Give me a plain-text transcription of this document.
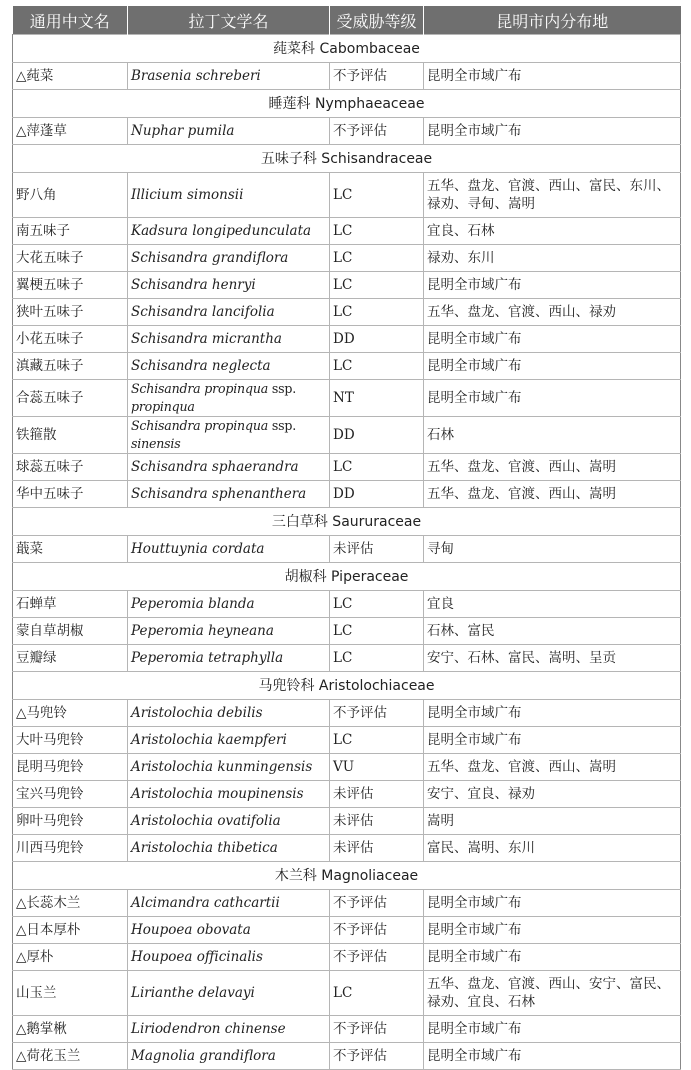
通用中文名	拉丁文学名	受威胁等级	昆明市内分布地
莼菜科 Cabombaceae			
△莼菜	Brasenia schreberi	不予评估	昆明全市域广布
睡莲科 Nymphaeaceae			
△萍蓬草	Nuphar pumila	不予评估	昆明全市域广布
五味子科 Schisandraceae			
野八角	Illicium simonsii	LC	五华、盘龙、官渡、西山、富民、东川、禄劝、寻甸、嵩明
南五味子	Kadsura longipedunculata	LC	宜良、石林
大花五味子	Schisandra grandiflora	LC	禄劝、东川
翼梗五味子	Schisandra henryi	LC	昆明全市域广布
狭叶五味子	Schisandra lancifolia	LC	五华、盘龙、官渡、西山、禄劝
小花五味子	Schisandra micrantha	DD	昆明全市域广布
滇藏五味子	Schisandra neglecta	LC	昆明全市域广布
合蕊五味子	Schisandra propinqua ssp. propinqua	NT	昆明全市域广布
铁箍散	Schisandra propinqua ssp. sinensis	DD	石林
球蕊五味子	Schisandra sphaerandra	LC	五华、盘龙、官渡、西山、嵩明
华中五味子	Schisandra sphenanthera	DD	五华、盘龙、官渡、西山、嵩明
三白草科 Saururaceae			
蕺菜	Houttuynia cordata	未评估	寻甸
胡椒科 Piperaceae			
石蝉草	Peperomia blanda	LC	宜良
蒙自草胡椒	Peperomia heyneana	LC	石林、富民
豆瓣绿	Peperomia tetraphylla	LC	安宁、石林、富民、嵩明、呈贡
马兜铃科 Aristolochiaceae			
△马兜铃	Aristolochia debilis	不予评估	昆明全市域广布
大叶马兜铃	Aristolochia kaempferi	LC	昆明全市域广布
昆明马兜铃	Aristolochia kunmingensis	VU	五华、盘龙、官渡、西山、嵩明
宝兴马兜铃	Aristolochia moupinensis	未评估	安宁、宜良、禄劝
卵叶马兜铃	Aristolochia ovatifolia	未评估	嵩明
川西马兜铃	Aristolochia thibetica	未评估	富民、嵩明、东川
木兰科 Magnoliaceae			
△长蕊木兰	Alcimandra cathcartii	不予评估	昆明全市域广布
△日本厚朴	Houpoea obovata	不予评估	昆明全市域广布
△厚朴	Houpoea officinalis	不予评估	昆明全市域广布
山玉兰	Lirianthe delavayi	LC	五华、盘龙、官渡、西山、安宁、富民、禄劝、宜良、石林
△鹅掌楸	Liriodendron chinense	不予评估	昆明全市域广布
△荷花玉兰	Magnolia grandiflora	不予评估	昆明全市域广布
